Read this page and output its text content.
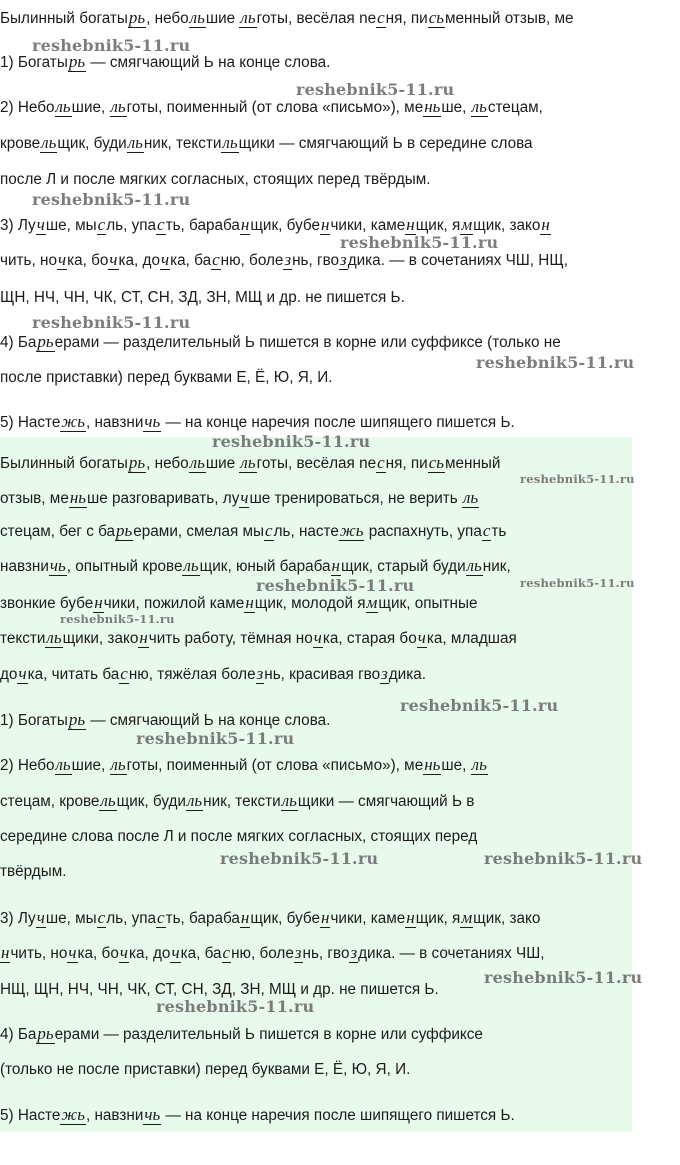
Былинный богатырь, небольшие льготы, весёлая neсня, письменный отзыв, ме
1) Богатырь — смягчающий Ь на конце слова.
2) Небольшие, льготы, поименный (от слова «письмо»), меньше, льстецам,
кровельщик, будильник, текстильщики — смягчающий Ь в середине слова
после Л и после мягких согласных, стоящих перед твёрдым.
3) Лучше, мысль, упасть, барабанщик, бубенчики, каменщик, ямщик, закон
чить, ночка, бочка, дочка, басню, болезнь, гвоздика. — в сочетаниях ЧШ, НЩ,
ЩН, НЧ, ЧН, ЧК, СТ, СН, ЗД, ЗН, МЩ и др. не пишется Ь.
4) Барьерами — разделительный Ь пишется в корне или суффиксе (только не
после приставки) перед буквами Е, Ё, Ю, Я, И.
5) Настежь, навзничь — на конце наречия после шипящего пишется Ь.
Былинный богатырь, небольшие льготы, весёлая neсня, письменный
отзыв, меньше разговаривать, лучше тренироваться, не верить ль
стецам, бег с барьерами, смелая мысль, настежь распахнуть, упасть
навзничь, опытный кровельщик, юный барабанщик, старый будильник,
звонкие бубенчики, пожилой каменщик, молодой ямщик, опытные
текстильщики, закончить работу, тёмная ночка, старая бочка, младшая
дочка, читать басню, тяжёлая болезнь, красивая гвоздика.
1) Богатырь — смягчающий Ь на конце слова.
2) Небольшие, льготы, поименный (от слова «письмо»), меньше, ль
стецам, кровельщик, будильник, текстильщики — смягчающий Ь в
середине слова после Л и после мягких согласных, стоящих перед
твёрдым.
3) Лучше, мысль, упасть, барабанщик, бубенчики, каменщик, ямщик, зако
нчить, ночка, бочка, дочка, басню, болезнь, гвоздика. — в сочетаниях ЧШ,
НЩ, ЩН, НЧ, ЧН, ЧК, СТ, СН, ЗД, ЗН, МЩ и др. не пишется Ь.
4) Барьерами — разделительный Ь пишется в корне или суффиксе
(только не после приставки) перед буквами Е, Ё, Ю, Я, И.
5) Настежь, навзничь — на конце наречия после шипящего пишется Ь.
reshebnik5-11.ru
reshebnik5-11.ru
reshebnik5-11.ru
reshebnik5-11.ru
reshebnik5-11.ru
reshebnik5-11.ru
reshebnik5-11.ru
reshebnik5-11.ru
reshebnik5-11.ru	reshebnik5-11.ru
reshebnik5-11.ru
reshebnik5-11.ru
reshebnik5-11.ru
reshebnik5-11.ru	reshebnik5-11.ru
reshebnik5-11.ru
reshebnik5-11.ru
